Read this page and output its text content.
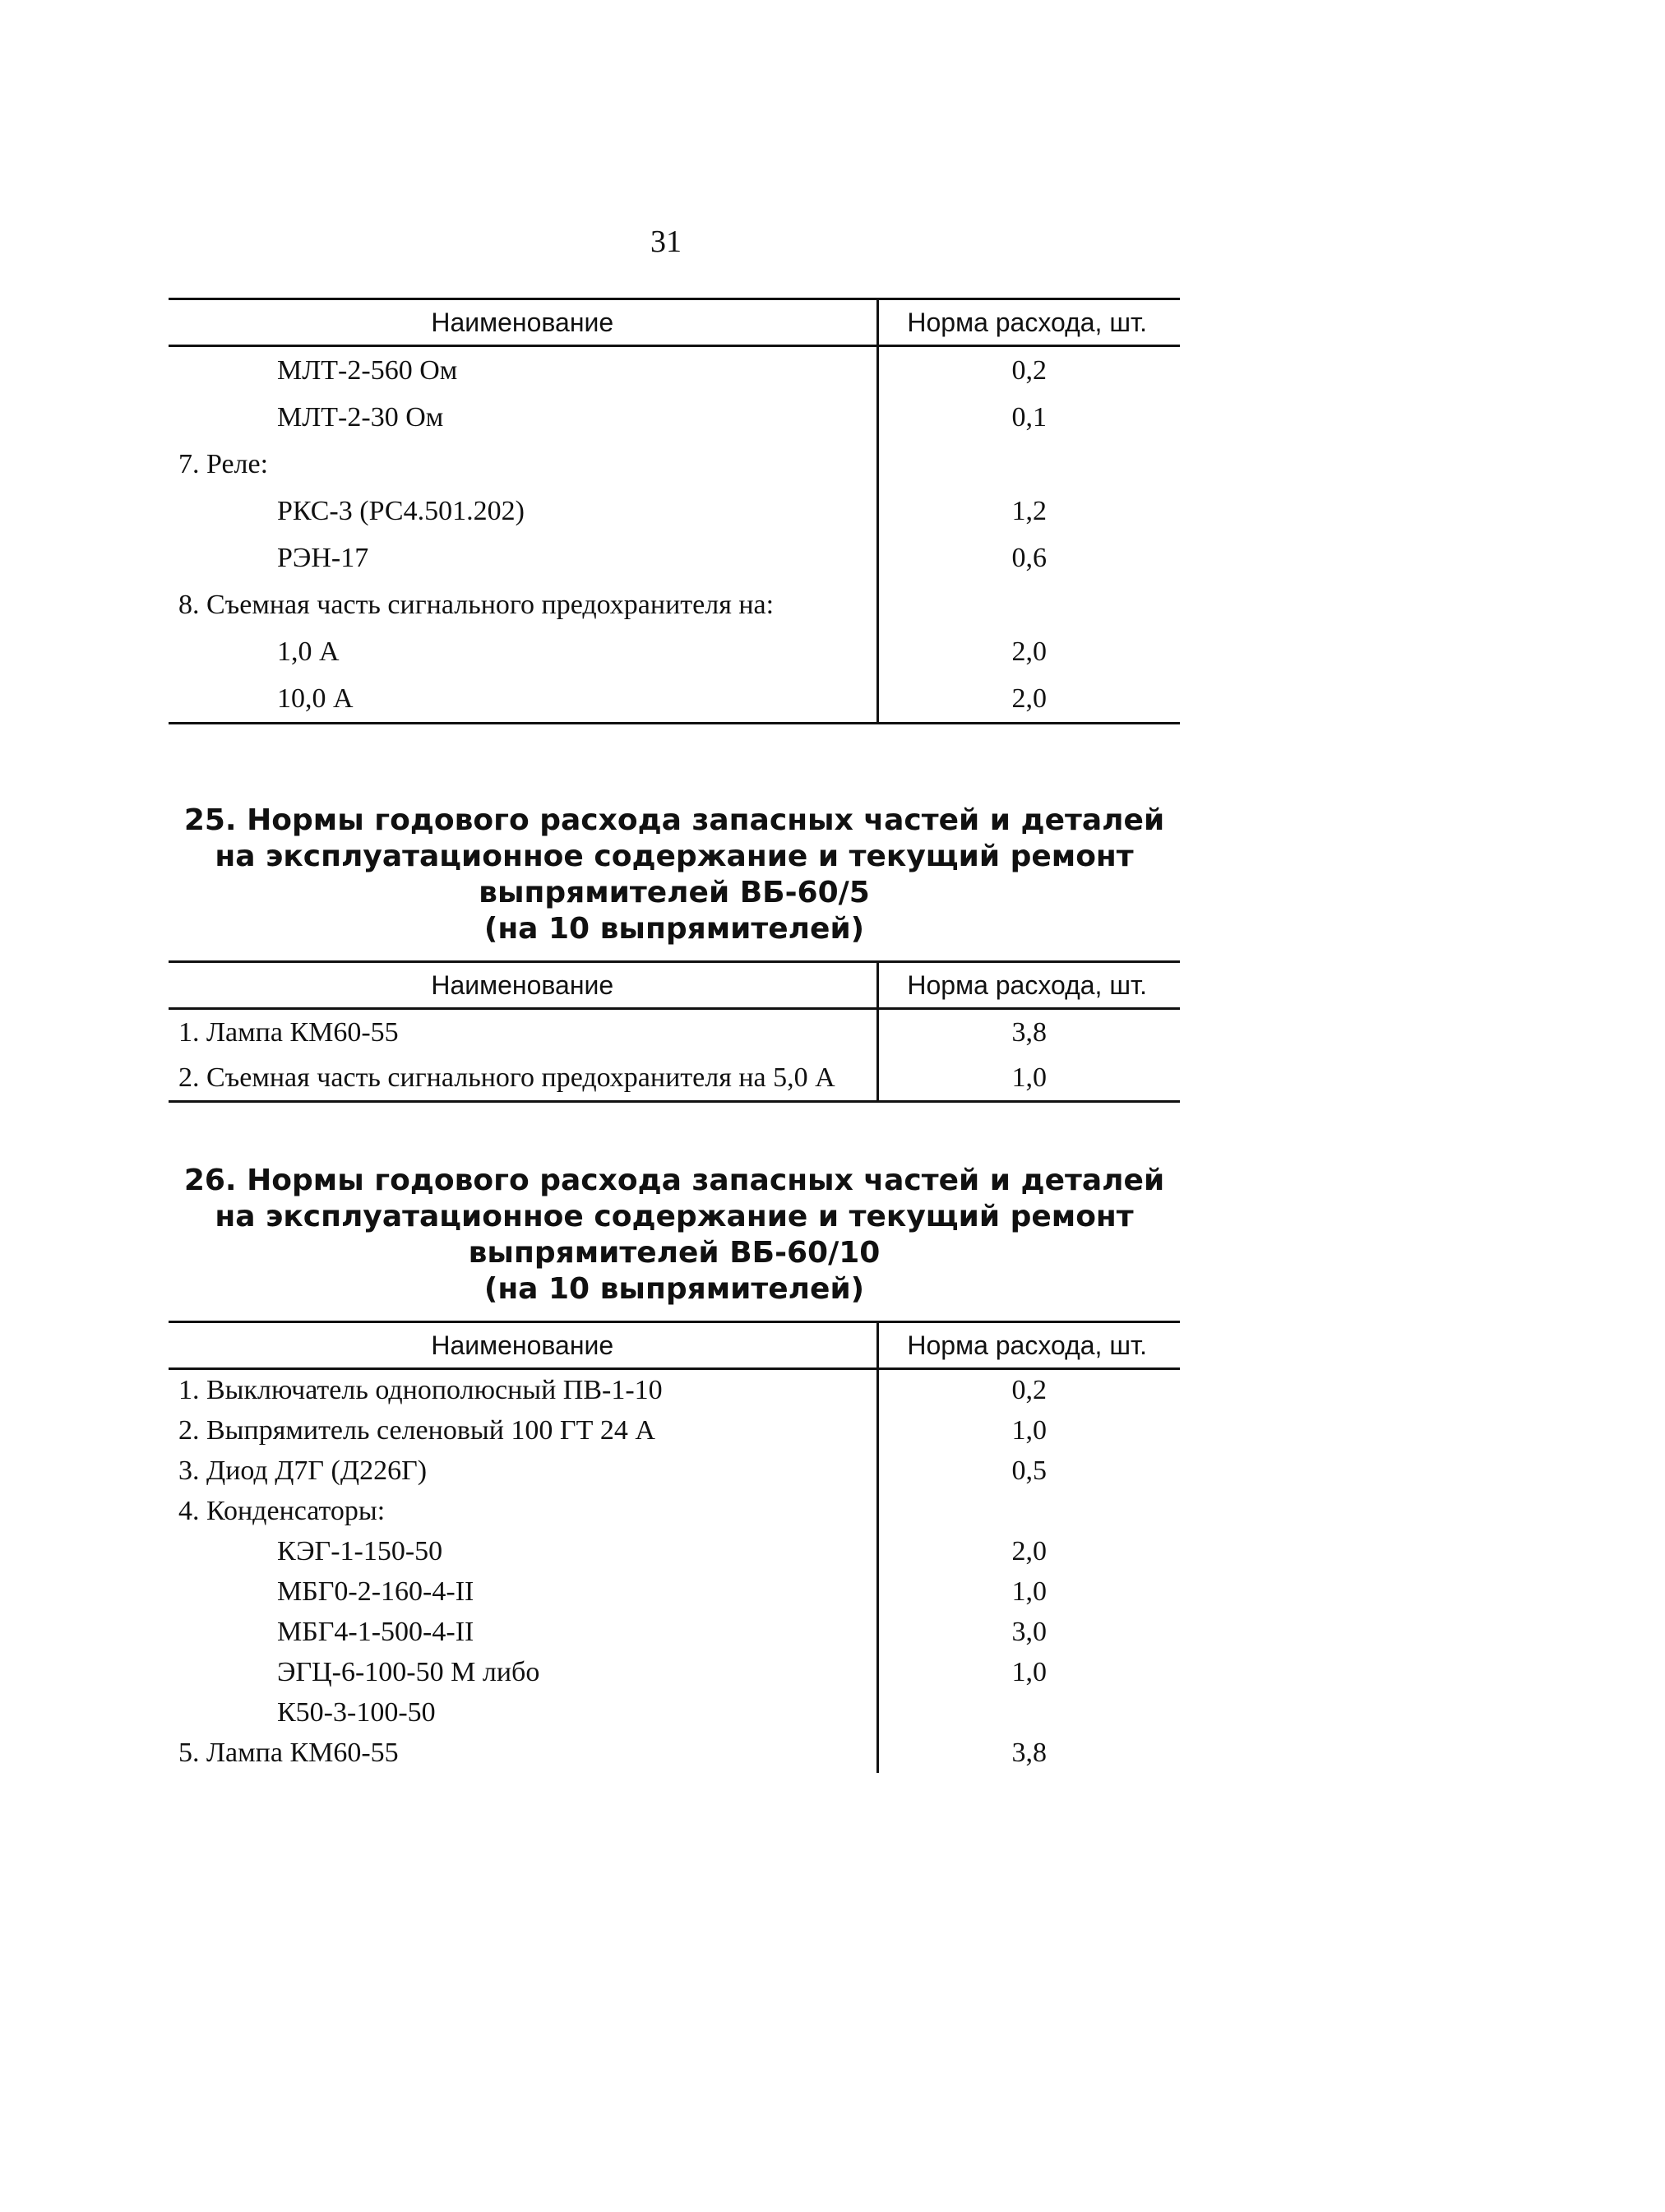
31
Наименование	Норма расхода, шт.
МЛТ-2-560 Ом	0,2
МЛТ-2-30 Ом	0,1
7. Реле:	
РКС-3 (РС4.501.202)	1,2
РЭН-17	0,6
8. Съемная часть сигнального предохранителя на:	
1,0 А	2,0
10,0 А	2,0
25. Нормы годового расхода запасных частей и деталей
на эксплуатационное содержание и текущий ремонт
выпрямителей ВБ-60/5
(на 10 выпрямителей)
Наименование	Норма расхода, шт.
1. Лампа КМ60-55	3,8
2. Съемная часть сигнального предохранителя на 5,0 А	1,0
26. Нормы годового расхода запасных частей и деталей
на эксплуатационное содержание и текущий ремонт
выпрямителей ВБ-60/10
(на 10 выпрямителей)
Наименование	Норма расхода, шт.
1. Выключатель однополюсный ПВ-1-10	0,2
2. Выпрямитель селеновый 100 ГТ 24 А	1,0
3. Диод Д7Г (Д226Г)	0,5
4. Конденсаторы:	
КЭГ-1-150-50	2,0
МБГ0-2-160-4-II	1,0
МБГ4-1-500-4-II	3,0
ЭГЦ-6-100-50 М либо	1,0
К50-3-100-50	
5. Лампа КМ60-55	3,8
